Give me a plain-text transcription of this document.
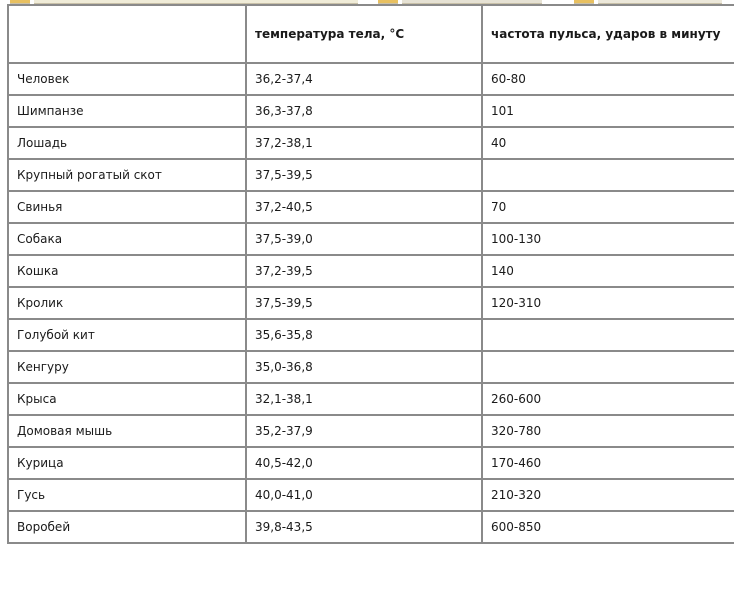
	температура тела, °C	частота пульса, ударов в минуту
Человек	36,2-37,4	60-80
Шимпанзе	36,3-37,8	101
Лошадь	37,2-38,1	40
Крупный рогатый скот	37,5-39,5	
Свинья	37,2-40,5	70
Собака	37,5-39,0	100-130
Кошка	37,2-39,5	140
Кролик	37,5-39,5	120-310
Голубой кит	35,6-35,8	
Кенгуру	35,0-36,8	
Крыса	32,1-38,1	260-600
Домовая мышь	35,2-37,9	320-780
Курица	40,5-42,0	170-460
Гусь	40,0-41,0	210-320
Воробей	39,8-43,5	600-850
